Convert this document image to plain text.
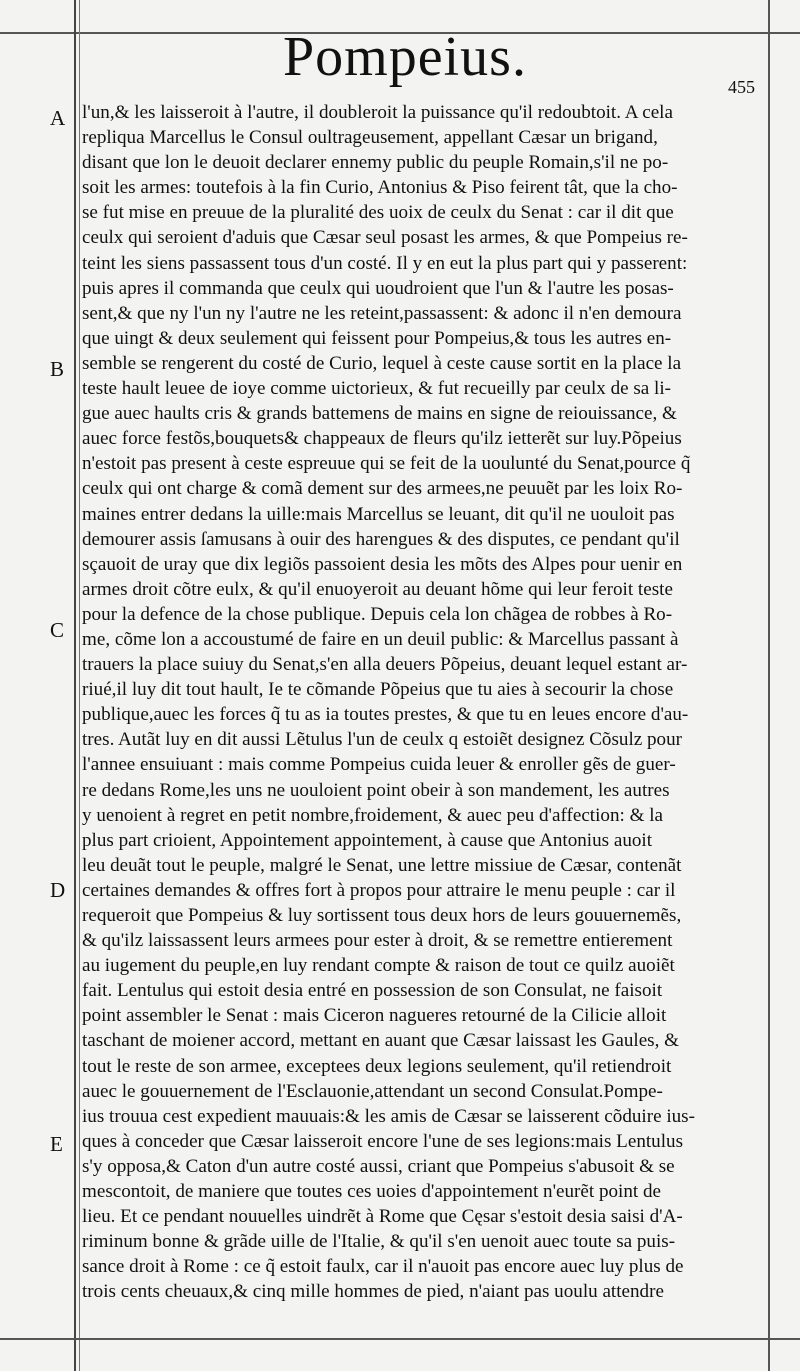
Pompeius.	455
A
B
C
D
E
l'un,& les laisseroit à l'autre, il doubleroit la puissance qu'il redoubtoit. A cela
repliqua Marcellus le Consul oultrageusement, appellant Cæsar un brigand,
disant que lon le deuoit declarer ennemy public du peuple Romain,s'il ne po-
soit les armes: toutefois à la fin Curio, Antonius & Piso feirent tât, que la cho-
se fut mise en preuue de la pluralité des uoix de ceulx du Senat : car il dit que
ceulx qui seroient d'aduis que Cæsar seul posast les armes, & que Pompeius re-
teint les siens passassent tous d'un costé. Il y en eut la plus part qui y passerent:
puis apres il commanda que ceulx qui uoudroient que l'un & l'autre les posas-
sent,& que ny l'un ny l'autre ne les reteint,passassent: & adonc il n'en demoura
que uingt & deux seulement qui feissent pour Pompeius,& tous les autres en-
semble se rengerent du costé de Curio, lequel à ceste cause sortit en la place la
teste hault leuee de ioye comme uictorieux, & fut recueilly par ceulx de sa li-
gue auec haults cris & grands battemens de mains en signe de reiouissance, &
auec force festõs,bouquets& chappeaux de fleurs qu'ilz ietterẽt sur luy.Põpeius
n'estoit pas present à ceste espreuue qui se feit de la uoulunté du Senat,pource q̃
ceulx qui ont charge & comã dement sur des armees,ne peuuẽt par les loix Ro-
maines entrer dedans la uille:mais Marcellus se leuant, dit qu'il ne uouloit pas
demourer assis ſamusans à ouir des harengues & des disputes, ce pendant qu'il
sçauoit de uray que dix legiõs passoient desia les mõts des Alpes pour uenir en
armes droit cõtre eulx, & qu'il enuoyeroit au deuant hõme qui leur feroit teste
pour la defence de la chose publique. Depuis cela lon chãgea de robbes à Ro-
me, cõme lon a accoustumé de faire en un deuil public: & Marcellus passant à
trauers la place suiuy du Senat,s'en alla deuers Põpeius, deuant lequel estant ar-
riué,il luy dit tout hault, Ie te cõmande Põpeius que tu aies à secourir la chose
publique,auec les forces q̃ tu as ia toutes prestes, & que tu en leues encore d'au-
tres. Autãt luy en dit aussi Lẽtulus l'un de ceulx q estoiẽt designez Cõsulz pour
l'annee ensuiuant : mais comme Pompeius cuida leuer & enroller gẽs de guer-
re dedans Rome,les uns ne uouloient point obeir à son mandement, les autres
y uenoient à regret en petit nombre,froidement, & auec peu d'affection: & la
plus part crioient, Appointement appointement, à cause que Antonius auoit
leu deuãt tout le peuple, malgré le Senat, une lettre missiue de Cæsar, contenãt
certaines demandes & offres fort à propos pour attraire le menu peuple : car il
requeroit que Pompeius & luy sortissent tous deux hors de leurs gouuernemẽs,
& qu'ilz laissassent leurs armees pour ester à droit, & se remettre entierement
au iugement du peuple,en luy rendant compte & raison de tout ce quilz auoiẽt
fait. Lentulus qui estoit desia entré en possession de son Consulat, ne faisoit
point assembler le Senat : mais Ciceron nagueres retourné de la Cilicie alloit
taschant de moiener accord, mettant en auant que Cæsar laissast les Gaules, &
tout le reste de son armee, exceptees deux legions seulement, qu'il retiendroit
auec le gouuernement de l'Esclauonie,attendant un second Consulat.Pompe-
ius trouua cest expedient mauuais:& les amis de Cæsar se laisserent cõduire ius-
ques à conceder que Cæsar laisseroit encore l'une de ses legions:mais Lentulus
s'y opposa,& Caton d'un autre costé aussi, criant que Pompeius s'abusoit & se
mescontoit, de maniere que toutes ces uoies d'appointement n'eurẽt point de
lieu. Et ce pendant nouuelles uindrẽt à Rome que Cęsar s'estoit desia saisi d'A-
riminum bonne & grãde uille de l'Italie, & qu'il s'en uenoit auec toute sa puis-
sance droit à Rome : ce q̃ estoit faulx, car il n'auoit pas encore auec luy plus de
trois cents cheuaux,& cinq mille hommes de pied, n'aiant pas uoulu attendre
